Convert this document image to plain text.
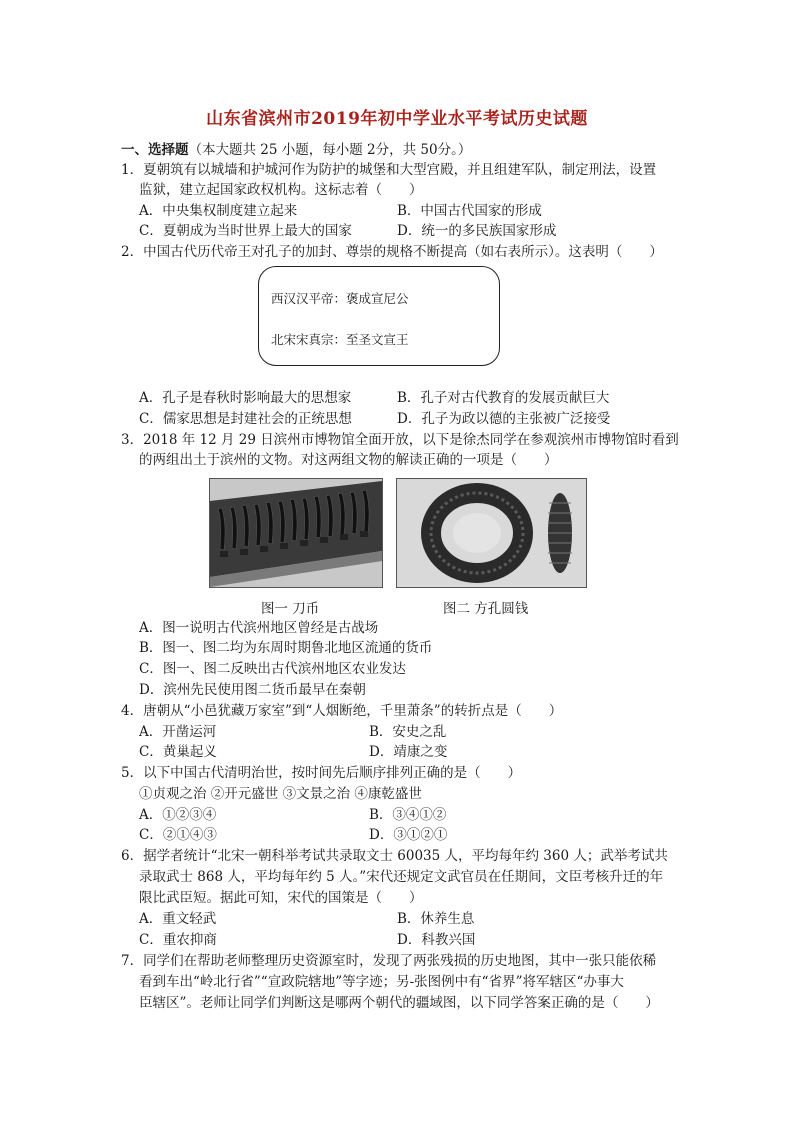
山东省滨州市2019年初中学业水平考试历史试题
一、选择题（本大题共 25 小题，每小题 2分，共 50分。）
1．夏朝筑有以城墙和护城河作为防护的城堡和大型宫殿，并且组建军队，制定刑法，设置
监狱，建立起国家政权机构。这标志着（　　）
A．中央集权制度建立起来	B．中国古代国家的形成
C．夏朝成为当时世界上最大的国家	D．统一的多民族国家形成
2．中国古代历代帝王对孔子的加封、尊崇的规格不断提高（如右表所示）。这表明（　　）
西汉汉平帝：褒成宣尼公
北宋宋真宗：至圣文宣王
A．孔子是春秋时影响最大的思想家	B．孔子对古代教育的发展贡献巨大
C．儒家思想是封建社会的正统思想	D．孔子为政以德的主张被广泛接受
3．2018 年 12 月 29 日滨州市博物馆全面开放，以下是徐杰同学在参观滨州市博物馆时看到
的两组出土于滨州的文物。对这两组文物的解读正确的一项是（　　）
图一 刀币	图二 方孔圆钱
A．图一说明古代滨州地区曾经是古战场
B．图一、图二均为东周时期鲁北地区流通的货币
C．图一、图二反映出古代滨州地区农业发达
D．滨州先民使用图二货币最早在秦朝
4．唐朝从“小邑犹藏万家室”到“人烟断绝，千里萧条”的转折点是（　　）
A．开凿运河	B．安史之乱
C．黄巢起义	D．靖康之变
5．以下中国古代清明治世，按时间先后顺序排列正确的是（　　）
①贞观之治 ②开元盛世 ③文景之治 ④康乾盛世
A．①②③④	B．③④①②
C．②①④③	D．③①②①
6．据学者统计“北宋一朝科举考试共录取文士 60035 人，平均每年约 360 人；武举考试共
录取武士 868 人，平均每年约 5 人。”宋代还规定文武官员在任期间，文臣考核升迁的年
限比武臣短。据此可知，宋代的国策是（　　）
A．重文轻武	B．休养生息
C．重农抑商	D．科教兴国
7．同学们在帮助老师整理历史资源室时，发现了两张残损的历史地图，其中一张只能依稀
看到车出“岭北行省”“宣政院辖地”等字迹；另-张图例中有“省界”将军辖区“办事大
臣辖区”。老师让同学们判断这是哪两个朝代的疆域图，以下同学答案正确的是（　　）
